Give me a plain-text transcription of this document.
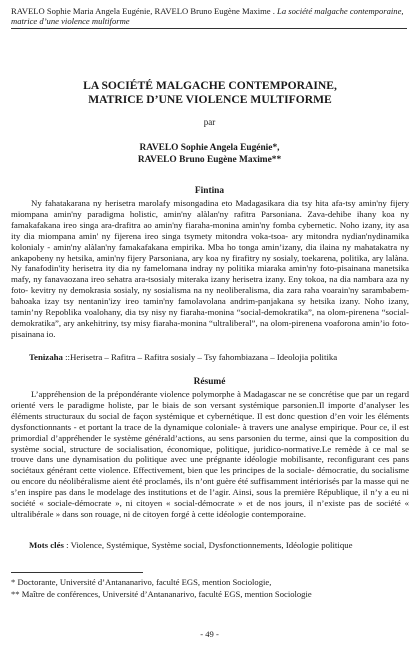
RAVELO Sophie Maria Angela Eugénie, RAVELO Bruno Eugène Maxime . La société malgache contemporaine, matrice d’une violence multiforme
LA SOCIÉTÉ MALGACHE CONTEMPORAINE,
MATRICE D’UNE VIOLENCE MULTIFORME
par
RAVELO Sophie Angela Eugénie*,
RAVELO Bruno Eugène Maxime**
Fintina
Ny fahatakarana ny herisetra marolafy misongadina eto Madagasikara dia tsy hita afa-tsy amin'ny fijery miompana amin'ny paradigma holistic, amin'ny alàlan'ny rafitra Parsoniana. Zava-dehibe ihany koa ny famakafakana ireo singa ara-drafitra ao amin'ny fiaraha-monina amin'ny fomba cybernetic. Noho izany, ity asa ity dia miompana amin' ny fijerena ireo singa tsymety mitondra voka-tsoa- ary mitondra nydian'nydinamika kolonialy - amin'ny alàlan'ny famakafakana empirika. Mba ho tonga amin’izany, dia ilaina ny mahatakatra ny ankapobeny ny hetsika, amin'ny fijery Parsoniana, ary koa ny firafitry ny sosialy, toekarena, politika, ary lalàna. Ny fanafodin'ity herisetra ity dia ny famelomana indray ny politika miaraka amin'ny foto-pisainana manetsika mafy, ny fanavaozana ireo sehatra ara-tsosialy miteraka izany herisetra izany. Eny tokoa, na dia nambara aza ny foto- kevitry ny demokrasia sosialy, ny sosialisma na ny neoliberalisma, dia zara raha voarain'ny sarambabem-bahoaka izay tsy nentanin'izy ireo tamin'ny famolavolana andrim-panjakana sy hetsika izany. Noho izany, tamin’ny Repoblika voalohany, dia tsy nisy ny fiaraha-monina “social-demokratika”, na olom-pirenena “social-demokratika”, ary ankehitriny, tsy misy fiaraha-monina “ultraliberal”, na olom-pirenena voaforona amin’io foto-pisainana io.
Tenizaha ::Herisetra – Rafitra – Rafitra sosialy – Tsy fahombiazana – Ideolojia politika
Résumé
L’appréhension de la prépondérante violence polymorphe à Madagascar ne se concrétise que par un regard orienté vers le paradigme holiste, par le biais de son versant systémique parsonien.Il importe d’analyser les éléments structuraux du social de façon systémique et cybernétique. Il est donc question d’en voir les éléments dysfonctionnants - et portant la trace de la dynamique coloniale- à travers une analyse empirique. Pour ce, il est primordial d’appréhender le système générald’actions, au sens parsonien du terme, ainsi que la composition du système social, structure de socialisation, économique, politique, juridico-normative.Le remède à ce mal se trouve dans une dynamisation du politique avec une prégnante idéologie mobilisante, reconfigurant ces pans sociétaux générant cette violence. Effectivement, bien que les principes de la sociale- démocratie, du socialisme ou encore du néolibéralisme aient été proclamés, ils n’ont guère été suffisamment intériorisés par la masse qui ne s’en inspire pas dans le modelage des institutions et de l’agir. Ainsi, sous la première République, il n’y a eu ni société « sociale-démocrate », ni citoyen « social-démocrate » et de nos jours, il n’existe pas de société « ultralibérale » dans son rouage, ni de citoyen forgé à cette idéologie contemporaine.
Mots clés : Violence, Systémique, Système social, Dysfonctionnements, Idéologie politique
* Doctorante, Université d’Antananarivo, faculté EGS, mention Sociologie,
** Maître de conférences, Université d’Antananarivo, faculté EGS, mention Sociologie
- 49 -
